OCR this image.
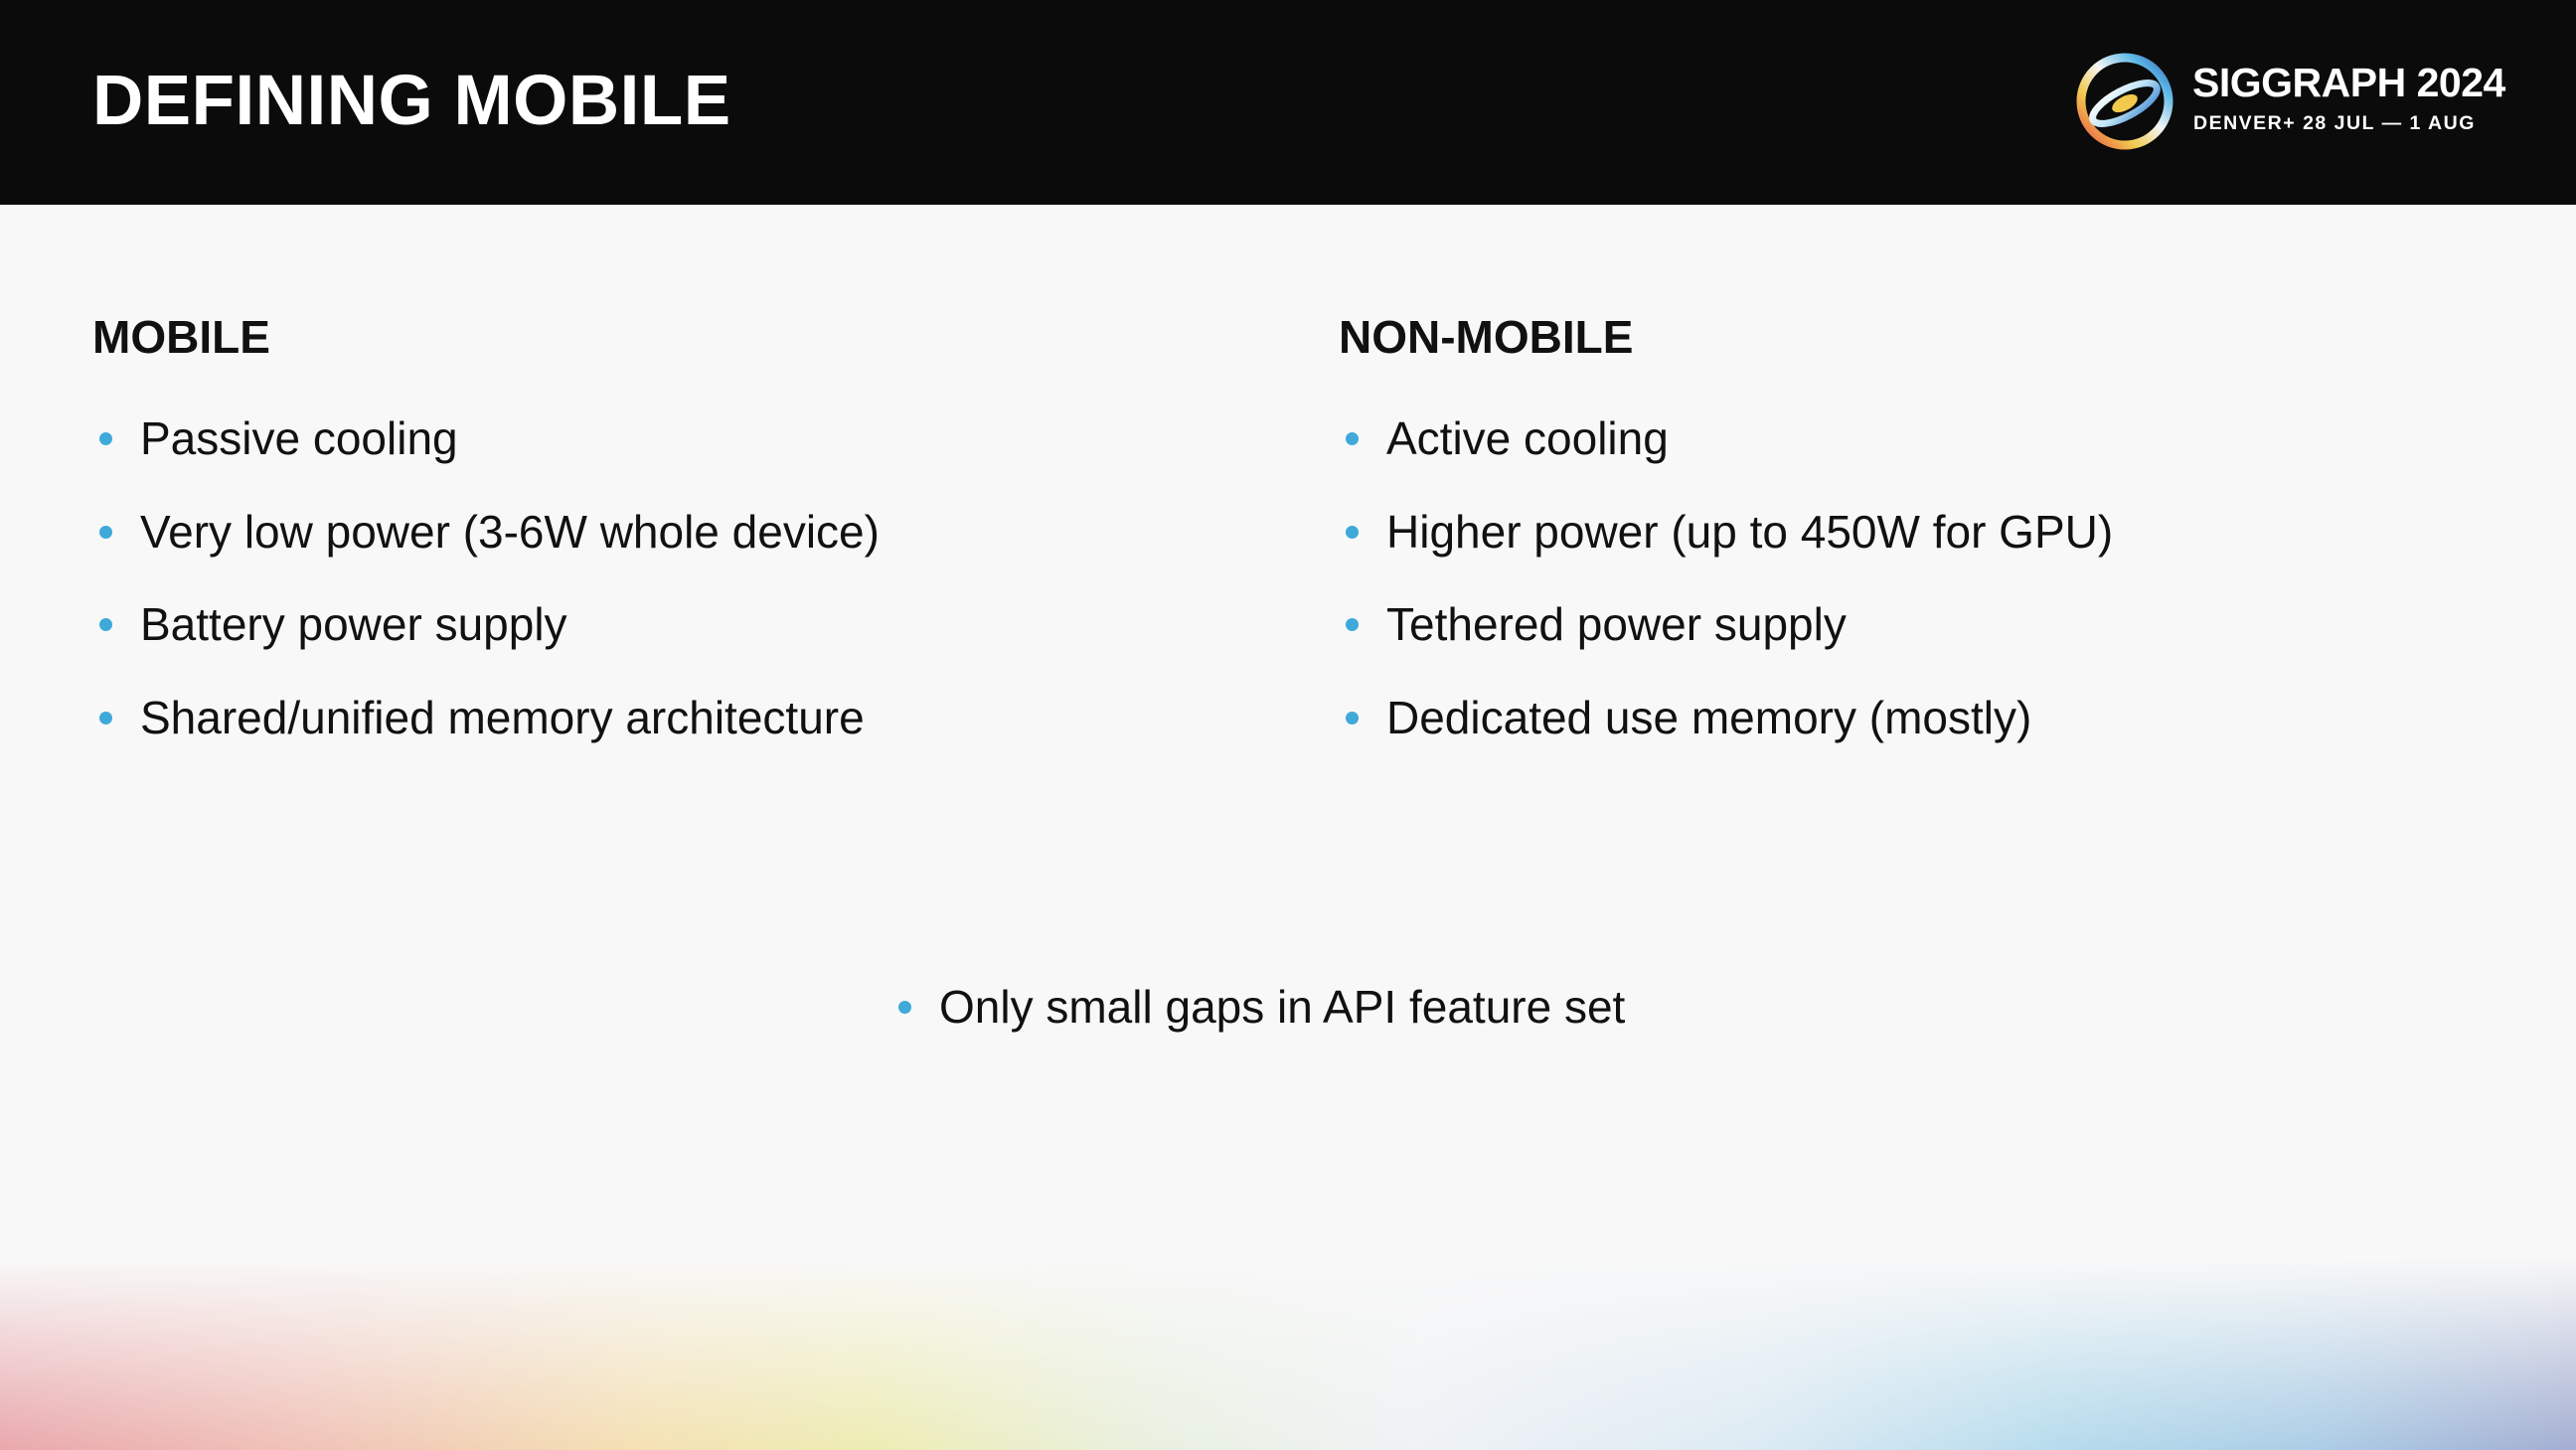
DEFINING MOBILE	SIGGRAPH 2024
DENVER+ 28 JUL — 1 AUG
MOBILE
Passive cooling
Very low power (3-6W whole device)
Battery power supply
Shared/unified memory architecture
NON-MOBILE
Active cooling
Higher power (up to 450W for GPU)
Tethered power supply
Dedicated use memory (mostly)
Only small gaps in API feature set
